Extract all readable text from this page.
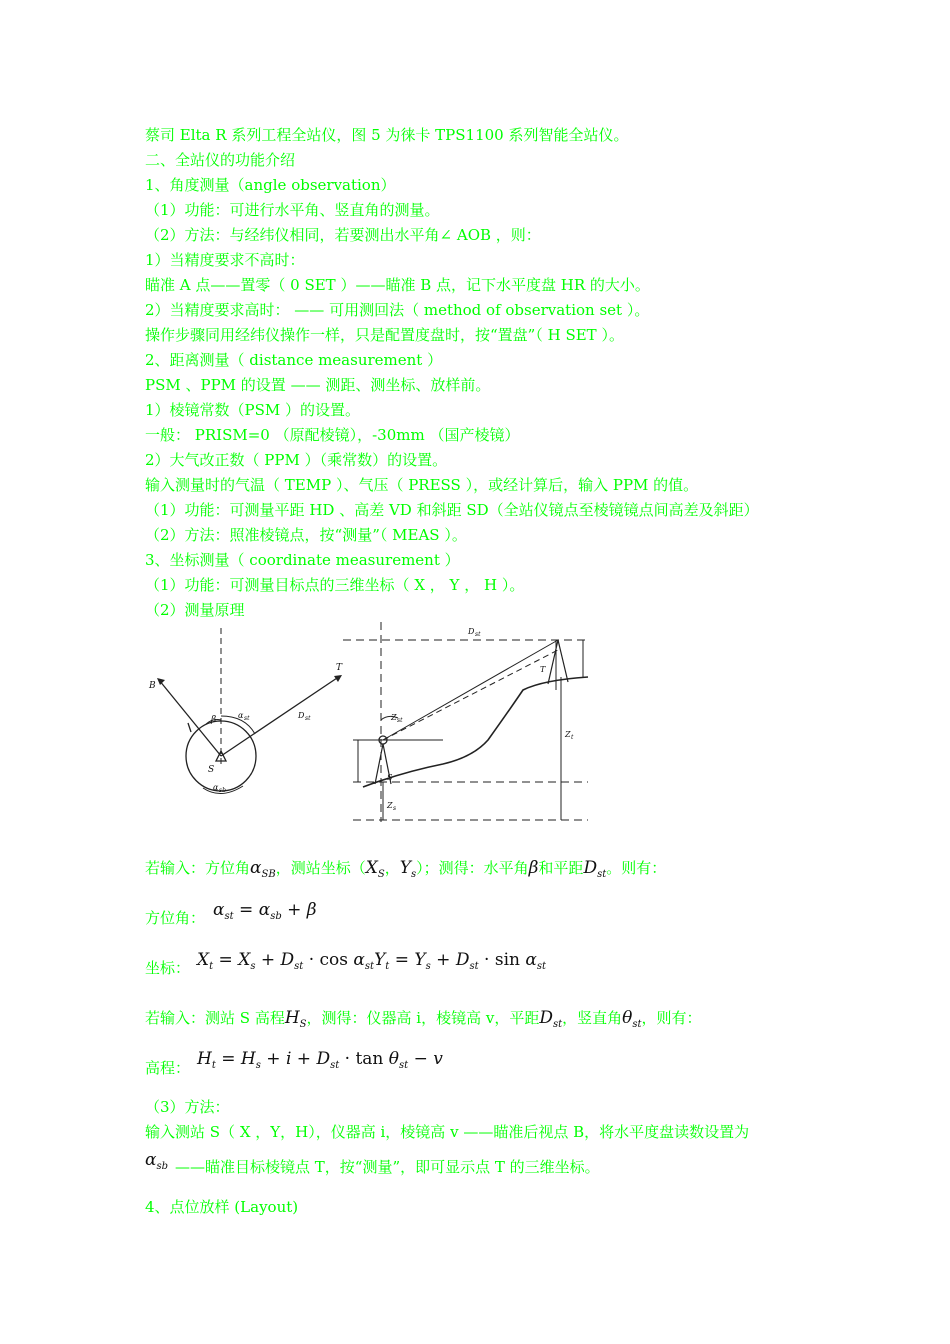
蔡司 Elta R 系列工程全站仪，图 5 为徕卡 TPS1100 系列智能全站仪。
二、全站仪的功能介绍
1、角度测量（angle observation）
（1）功能：可进行水平角、竖直角的测量。
（2）方法：与经纬仪相同，若要测出水平角∠ AOB ，则：
1）当精度要求不高时：
瞄准 A 点——置零（ 0 SET ）——瞄准 B 点，记下水平度盘 HR 的大小。
2）当精度要求高时： —— 可用测回法（ method of observation set ）。
操作步骤同用经纬仪操作一样，只是配置度盘时，按“置盘”（ H SET ）。
2、距离测量（ distance measurement ）
PSM 、PPM 的设置 —— 测距、测坐标、放样前。
1）棱镜常数（PSM ）的设置。
一般： PRISM=0 （原配棱镜），-30mm （国产棱镜）
2）大气改正数（ PPM ）（乘常数）的设置。
输入测量时的气温（ TEMP ）、气压（ PRESS ），或经计算后，输入 PPM 的值。
（1）功能：可测量平距 HD 、高差 VD 和斜距 SD（全站仪镜点至棱镜镜点间高差及斜距）
（2）方法：照准棱镜点，按“测量”（ MEAS ）。
3、坐标测量（ coordinate measurement ）
（1）功能：可测量目标点的三维坐标（ X ， Y ， H ）。
（2）测量原理
B
T
β	α st	D st
S
α sb
D st
Z st
T
Z t
S
Z s
若输入：方位角$\alpha_{SB}$，测站坐标（$X_S$，$Y_s$）；测得：水平角β和平距$D_{st}$。则有：
方位角： $\alpha_{st} = \alpha_{sb} + \beta$
坐标： $X_t = X_s + D_{st} \cdot \cos \alpha_{st}Y_t = Y_s + D_{st} \cdot \sin \alpha_{st}$
若输入：测站 S 高程$H_S$，测得：仪器高 i，棱镜高 v，平距$D_{st}$，竖直角$\theta_{st}$，则有：
高程： $H_t = H_s + i + D_{st} \cdot \tan \theta_{st} - v$
（3）方法：
输入测站 S（ X ，Y，H），仪器高 i，棱镜高 v ——瞄准后视点 B，将水平度盘读数设置为
$\alpha_{sb}$ ——瞄准目标棱镜点 T，按“测量”，即可显示点 T 的三维坐标。
4、点位放样 (Layout)
